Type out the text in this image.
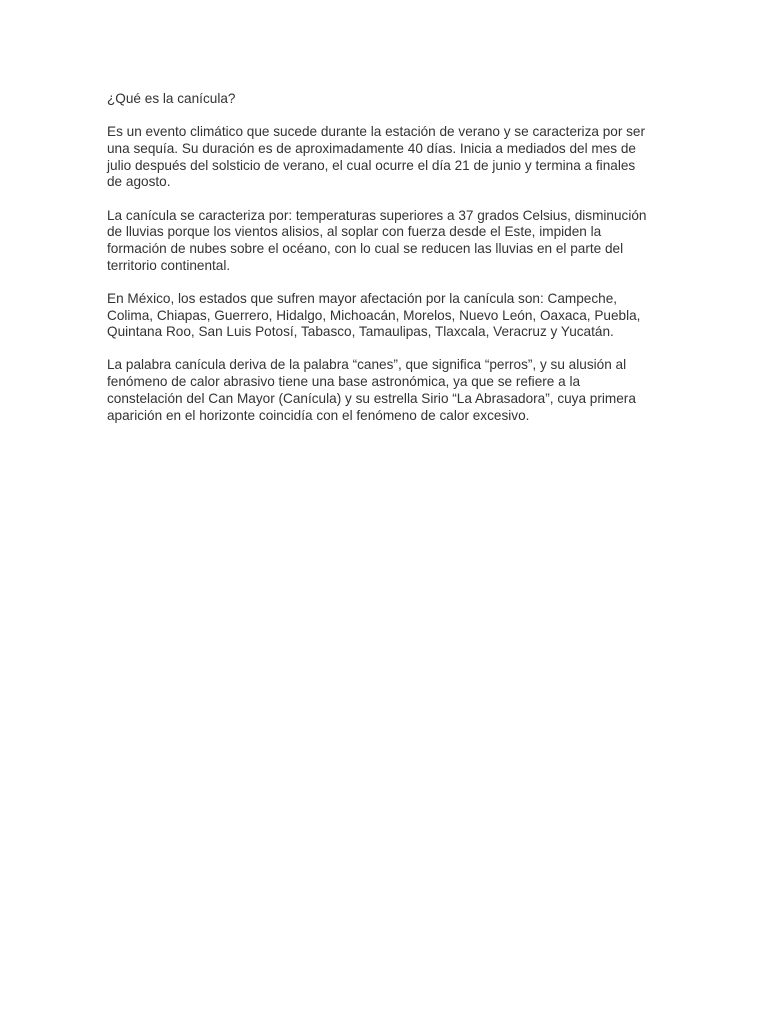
¿Qué es la canícula?

Es un evento climático que sucede durante la estación de verano y se caracteriza por ser
una sequía. Su duración es de aproximadamente 40 días. Inicia a mediados del mes de
julio después del solsticio de verano, el cual ocurre el día 21 de junio y termina a finales
de agosto.

La canícula se caracteriza por: temperaturas superiores a 37 grados Celsius, disminución
de lluvias porque los vientos alisios, al soplar con fuerza desde el Este, impiden la
formación de nubes sobre el océano, con lo cual se reducen las lluvias en el parte del
territorio continental.

En México, los estados que sufren mayor afectación por la canícula son: Campeche,
Colima, Chiapas, Guerrero, Hidalgo, Michoacán, Morelos, Nuevo León, Oaxaca, Puebla,
Quintana Roo, San Luis Potosí, Tabasco, Tamaulipas, Tlaxcala, Veracruz y Yucatán.

La palabra canícula deriva de la palabra “canes”, que significa “perros”, y su alusión al
fenómeno de calor abrasivo tiene una base astronómica, ya que se refiere a la
constelación del Can Mayor (Canícula) y su estrella Sirio “La Abrasadora”, cuya primera
aparición en el horizonte coincidía con el fenómeno de calor excesivo.
